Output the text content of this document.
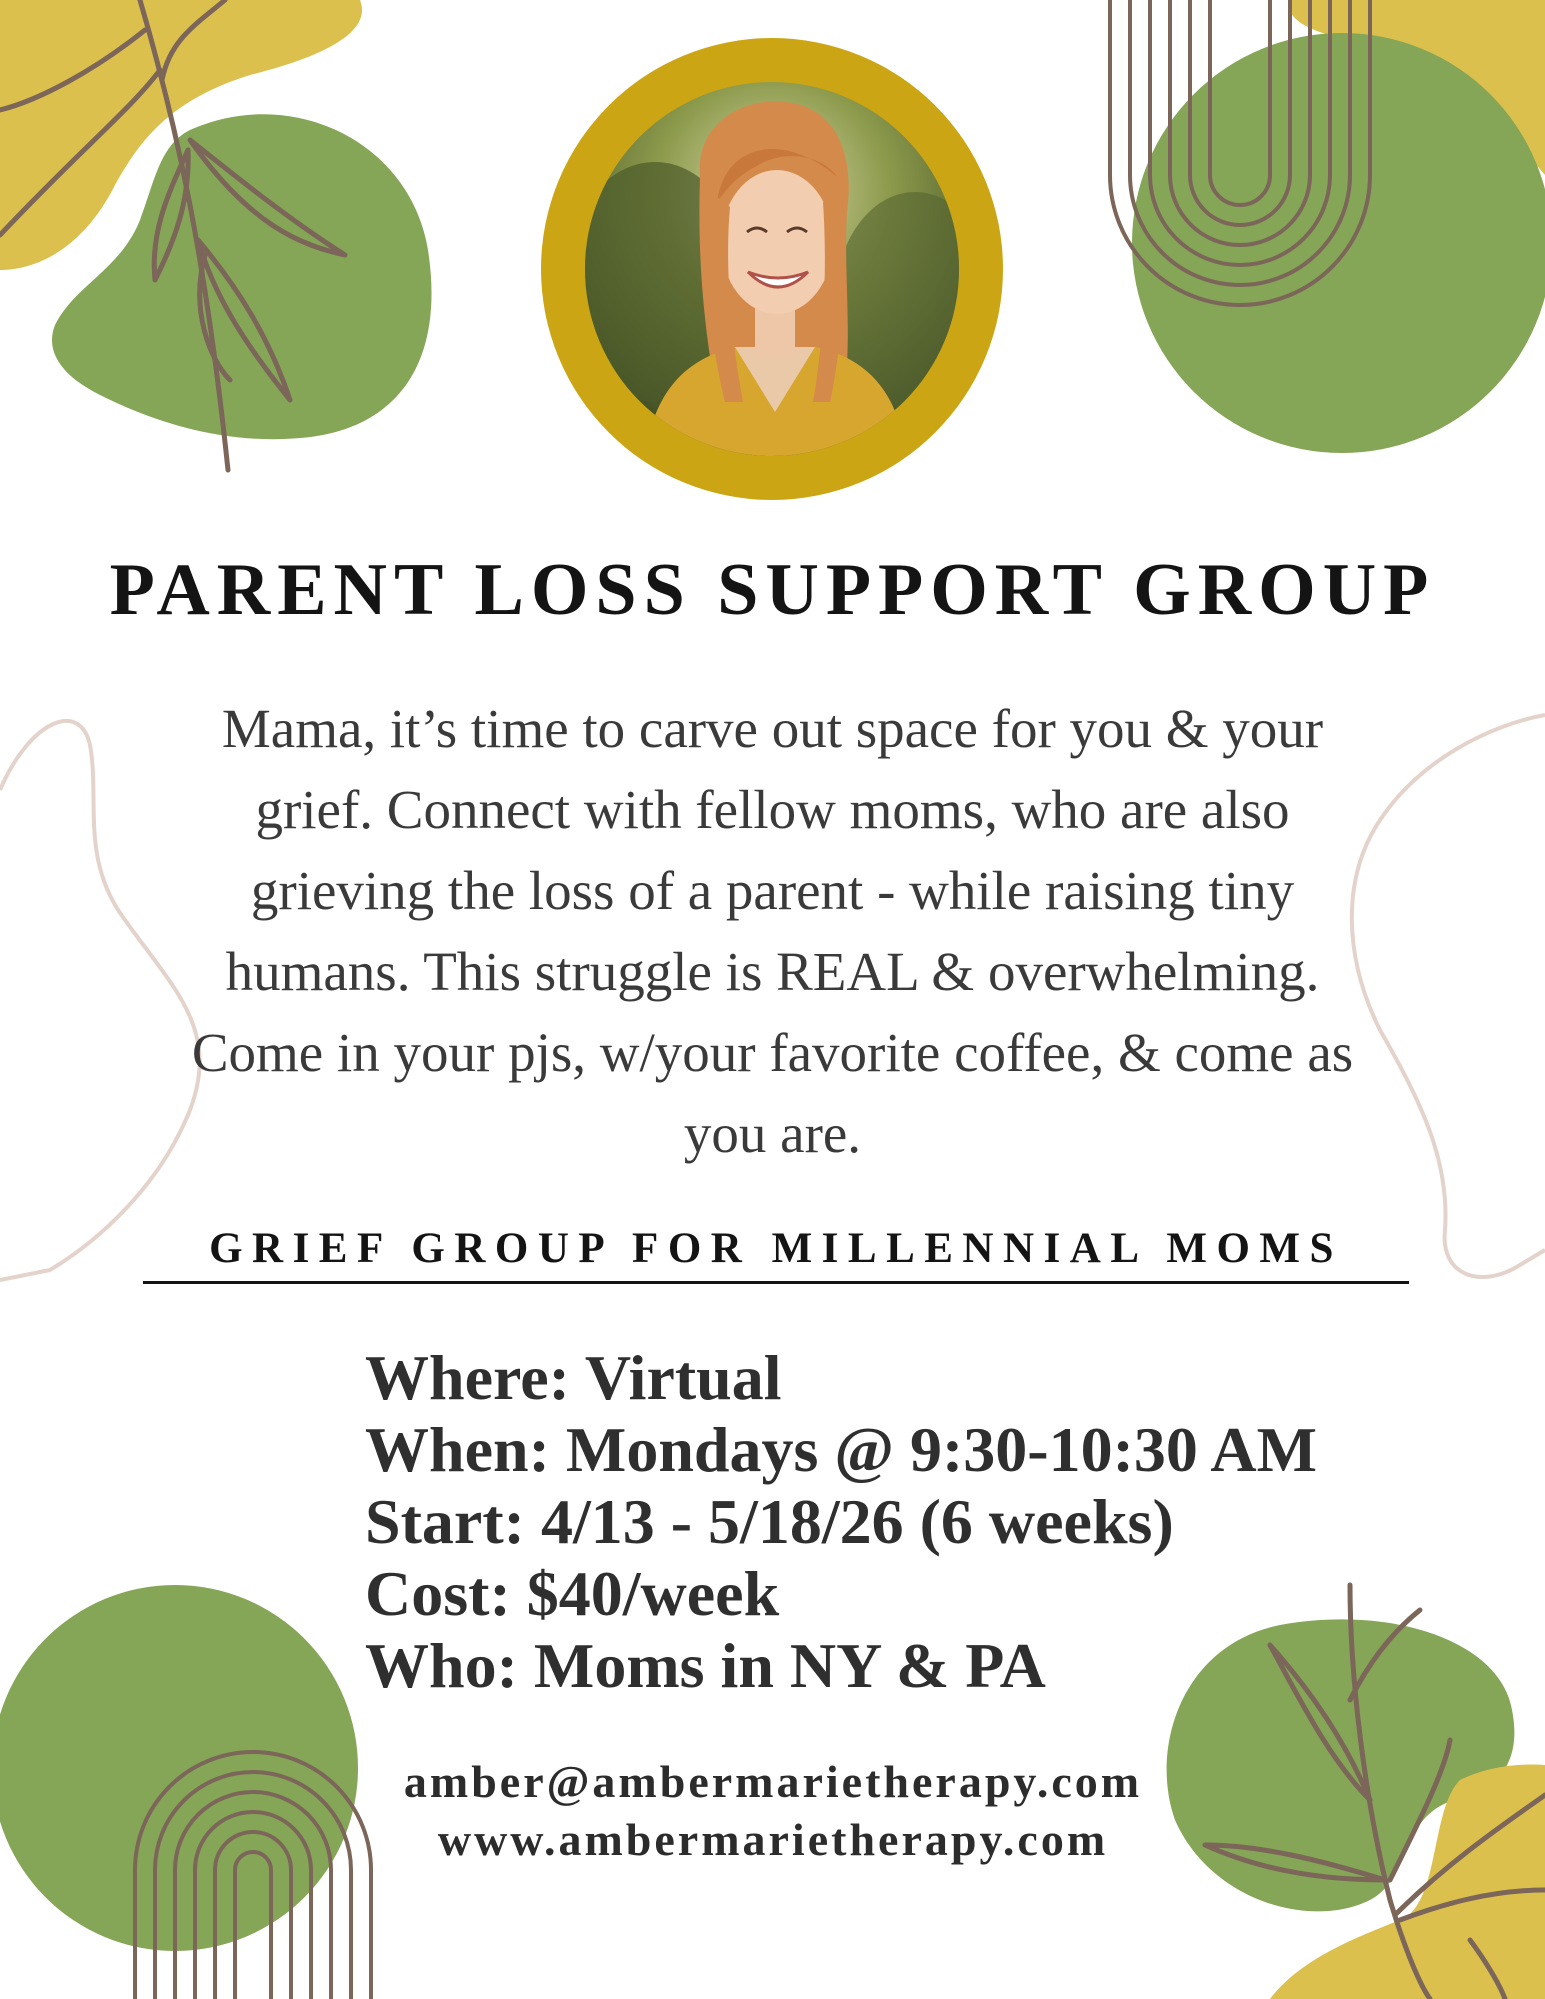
PARENT LOSS SUPPORT GROUP

Mama, it’s time to carve out space for you & your grief. Connect with fellow moms, who are also grieving the loss of a parent - while raising tiny humans. This struggle is REAL & overwhelming. Come in your pjs, w/your favorite coffee, & come as you are.

GRIEF GROUP FOR MILLENNIAL MOMS
Where: Virtual
When: Mondays @ 9:30-10:30 AM
Start: 4/13 - 5/18/26 (6 weeks)
Cost: $40/week
Who: Moms in NY & PA
amber@ambermarietherapy.com
www.ambermarietherapy.com
